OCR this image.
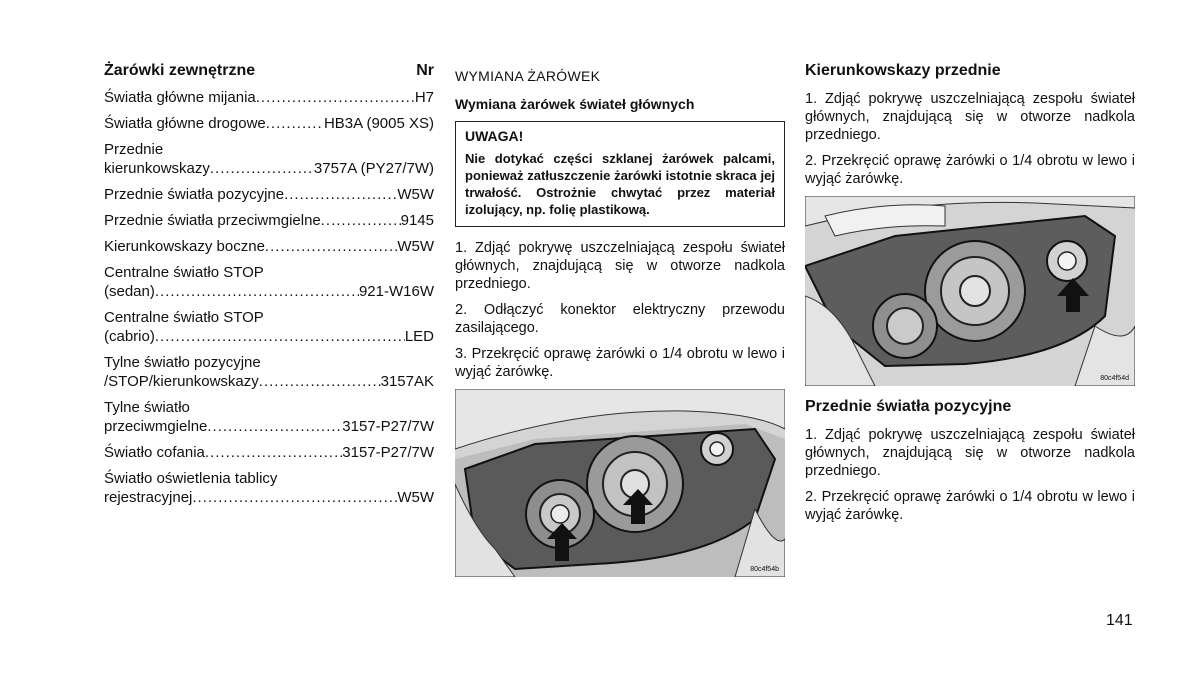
Żarówki zewnętrzne	Nr
Światła główne mijania .....	H7
Światła główne drogowe .....	HB3A (9005 XS)
Przednie
kierunkowskazy .....	3757A (PY27/7W)
Przednie światła pozycyjne .....	W5W
Przednie światła przeciwmgielne .....	9145
Kierunkowskazy boczne .....	W5W
Centralne światło STOP
(sedan) .....	921-W16W
Centralne światło STOP
(cabrio) .....	LED
Tylne światło pozycyjne
/STOP/kierunkowskazy .....	3157AK
Tylne światło
przeciwmgielne .....	3157-P27/7W
Światło cofania .....	3157-P27/7W
Światło oświetlenia tablicy
rejestracyjnej .....	W5W
WYMIANA ŻARÓWEK
Wymiana żarówek świateł głównych
UWAGA!
Nie dotykać części szklanej żarówek palcami, ponieważ zatłuszczenie żarówki istotnie skraca jej trwałość. Ostrożnie chwytać przez materiał izolujący, np. folię plastikową.
1. Zdjąć pokrywę uszczelniającą zespołu świateł głównych, znajdującą się w otworze nadkola przedniego.
2. Odłączyć konektor elektryczny przewodu zasilającego.
3. Przekręcić oprawę żarówki o 1/4 obrotu w lewo i wyjąć żarówkę.
80c4f54b
Kierunkowskazy przednie
1. Zdjąć pokrywę uszczelniającą zespołu świateł głównych, znajdującą się w otworze nadkola przedniego.
2. Przekręcić oprawę żarówki o 1/4 obrotu w lewo i wyjąć żarówkę.
80c4f54d
Przednie światła pozycyjne
1. Zdjąć pokrywę uszczelniającą zespołu świateł głównych, znajdującą się w otworze nadkola przedniego.
2. Przekręcić oprawę żarówki o 1/4 obrotu w lewo i wyjąć żarówkę.
141
